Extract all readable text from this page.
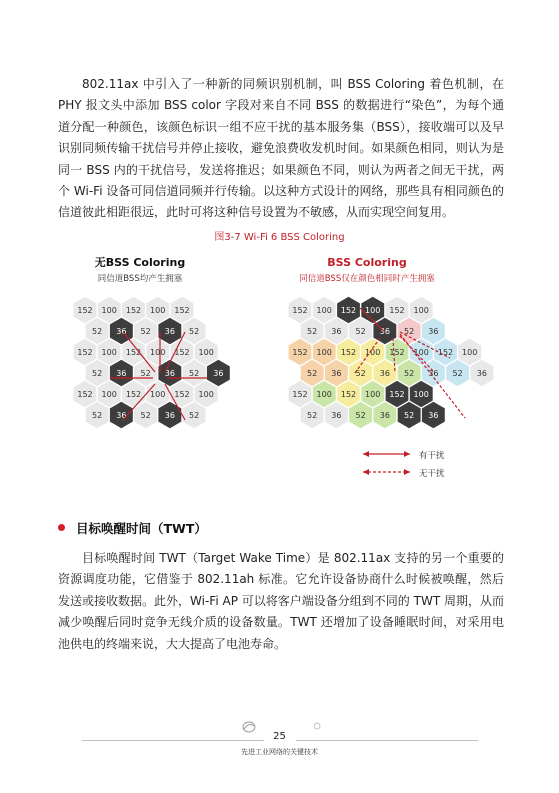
802.11ax 中引入了一种新的同频识别机制，叫 BSS Coloring 着色机制，在 PHY 报文头中添加 BSS color 字段对来自不同 BSS 的数据进行“染色”，为每个通道分配一种颜色，该颜色标识一组不应干扰的基本服务集（BSS），接收端可以及早识别同频传输干扰信号并停止接收，避免浪费收发机时间。如果颜色相同，则认为是同一 BSS 内的干扰信号，发送将推迟；如果颜色不同，则认为两者之间无干扰，两个 Wi-Fi 设备可同信道同频并行传输。以这种方式设计的网络，那些具有相同颜色的信道彼此相距很远，此时可将这种信号设置为不敏感，从而实现空间复用。

图3-7 Wi-Fi 6 BSS Coloring
无BSS Coloring
同信道BSS均产生拥塞
BSS Coloring
同信道BSS仅在颜色相同时产生拥塞
152 100 152 100 152
52 36 52 36 52
152 100 152 100 152 100
52 36 52 36 52 36
152 100 152 100 152 100
52 36 52 36 52
152 100 152 100 152 100
52 36 52 36 52 36
152 100 152 100 152 100 152 100
52 36 52 36 52 36 52 36
152 100 152 100 152 100
52 36 52 36 52 36
有干扰
无干扰
目标唤醒时间（TWT）

目标唤醒时间 TWT（Target Wake Time）是 802.11ax 支持的另一个重要的资源调度功能，它借鉴于 802.11ah 标准。它允许设备协商什么时候被唤醒，然后发送或接收数据。此外，Wi-Fi AP 可以将客户端设备分组到不同的 TWT 周期，从而减少唤醒后同时竞争无线介质的设备数量。TWT 还增加了设备睡眠时间，对采用电池供电的终端来说，大大提高了电池寿命。

25
先进工业网络的关键技术
